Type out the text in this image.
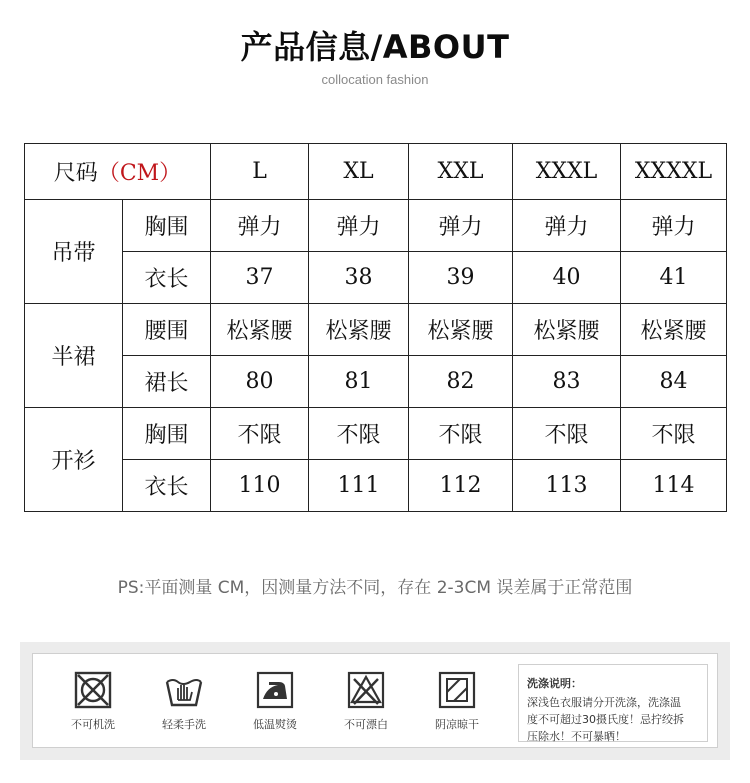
产品信息/ABOUT
collocation fashion
尺码（CM）		L	XL	XXL	XXXL	XXXXL
吊带	胸围	弹力	弹力	弹力	弹力	弹力
	衣长	37	38	39	40	41
半裙	腰围	松紧腰	松紧腰	松紧腰	松紧腰	松紧腰
	裙长	80	81	82	83	84
开衫	胸围	不限	不限	不限	不限	不限
	衣长	110	111	112	113	114
PS:平面测量 CM，因测量方法不同，存在 2-3CM 误差属于正常范围
不可机洗	轻柔手洗	低温熨烫	不可漂白	阴凉晾干
洗涤说明：
深浅色衣服请分开洗涤，洗涤温
度不可超过30摄氏度！忌拧绞拆
压除水！不可暴晒！
